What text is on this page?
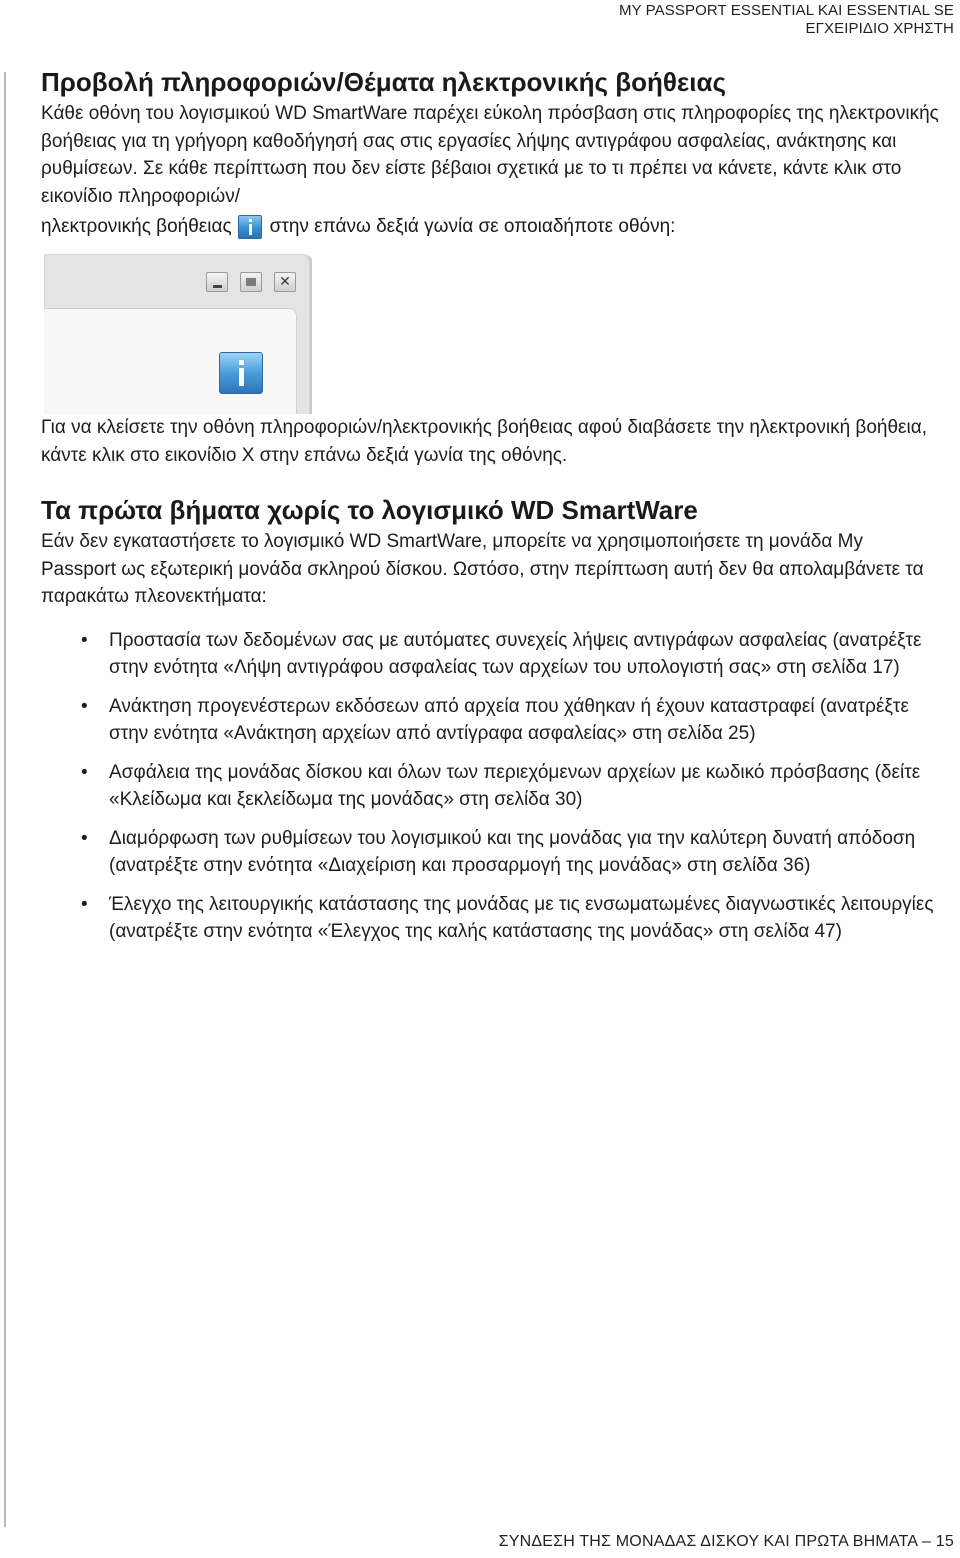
MY PASSPORT ESSENTIAL ΚΑΙ ESSENTIAL SE
ΕΓΧΕΙΡΙΔΙΟ ΧΡΗΣΤΗ
Προβολή πληροφοριών/Θέματα ηλεκτρονικής βοήθειας

Κάθε οθόνη του λογισμικού WD SmartWare παρέχει εύκολη πρόσβαση στις πληροφορίες της ηλεκτρονικής βοήθειας για τη γρήγορη καθοδήγησή σας στις εργασίες λήψης αντιγράφου ασφαλείας, ανάκτησης και ρυθμίσεων. Σε κάθε περίπτωση που δεν είστε βέβαιοι σχετικά με το τι πρέπει να κάνετε, κάντε κλικ στο εικονίδιο πληροφοριών/

ηλεκτρονικής βοήθειας στην επάνω δεξιά γωνία σε οποιαδήποτε οθόνη:
✕

Για να κλείσετε την οθόνη πληροφοριών/ηλεκτρονικής βοήθειας αφού διαβάσετε την ηλεκτρονική βοήθεια, κάντε κλικ στο εικονίδιο X στην επάνω δεξιά γωνία της οθόνης.

Τα πρώτα βήματα χωρίς το λογισμικό WD SmartWare

Εάν δεν εγκαταστήσετε το λογισμικό WD SmartWare, μπορείτε να χρησιμοποιήσετε τη μονάδα My Passport ως εξωτερική μονάδα σκληρού δίσκου. Ωστόσο, στην περίπτωση αυτή δεν θα απολαμβάνετε τα παρακάτω πλεονεκτήματα:

• Προστασία των δεδομένων σας με αυτόματες συνεχείς λήψεις αντιγράφων ασφαλείας (ανατρέξτε στην ενότητα «Λήψη αντιγράφου ασφαλείας των αρχείων του υπολογιστή σας» στη σελίδα 17)
• Ανάκτηση προγενέστερων εκδόσεων από αρχεία που χάθηκαν ή έχουν καταστραφεί (ανατρέξτε στην ενότητα «Ανάκτηση αρχείων από αντίγραφα ασφαλείας» στη σελίδα 25)
• Ασφάλεια της μονάδας δίσκου και όλων των περιεχόμενων αρχείων με κωδικό πρόσβασης (δείτε «Κλείδωμα και ξεκλείδωμα της μονάδας» στη σελίδα 30)
• Διαμόρφωση των ρυθμίσεων του λογισμικού και της μονάδας για την καλύτερη δυνατή απόδοση (ανατρέξτε στην ενότητα «Διαχείριση και προσαρμογή της μονάδας» στη σελίδα 36)
• Έλεγχο της λειτουργικής κατάστασης της μονάδας με τις ενσωματωμένες διαγνωστικές λειτουργίες (ανατρέξτε στην ενότητα «Έλεγχος της καλής κατάστασης της μονάδας» στη σελίδα 47)
ΣΥΝΔΕΣΗ ΤΗΣ ΜΟΝΑΔΑΣ ΔΙΣΚΟΥ ΚΑΙ ΠΡΩΤΑ ΒΗΜΑΤΑ – 15
